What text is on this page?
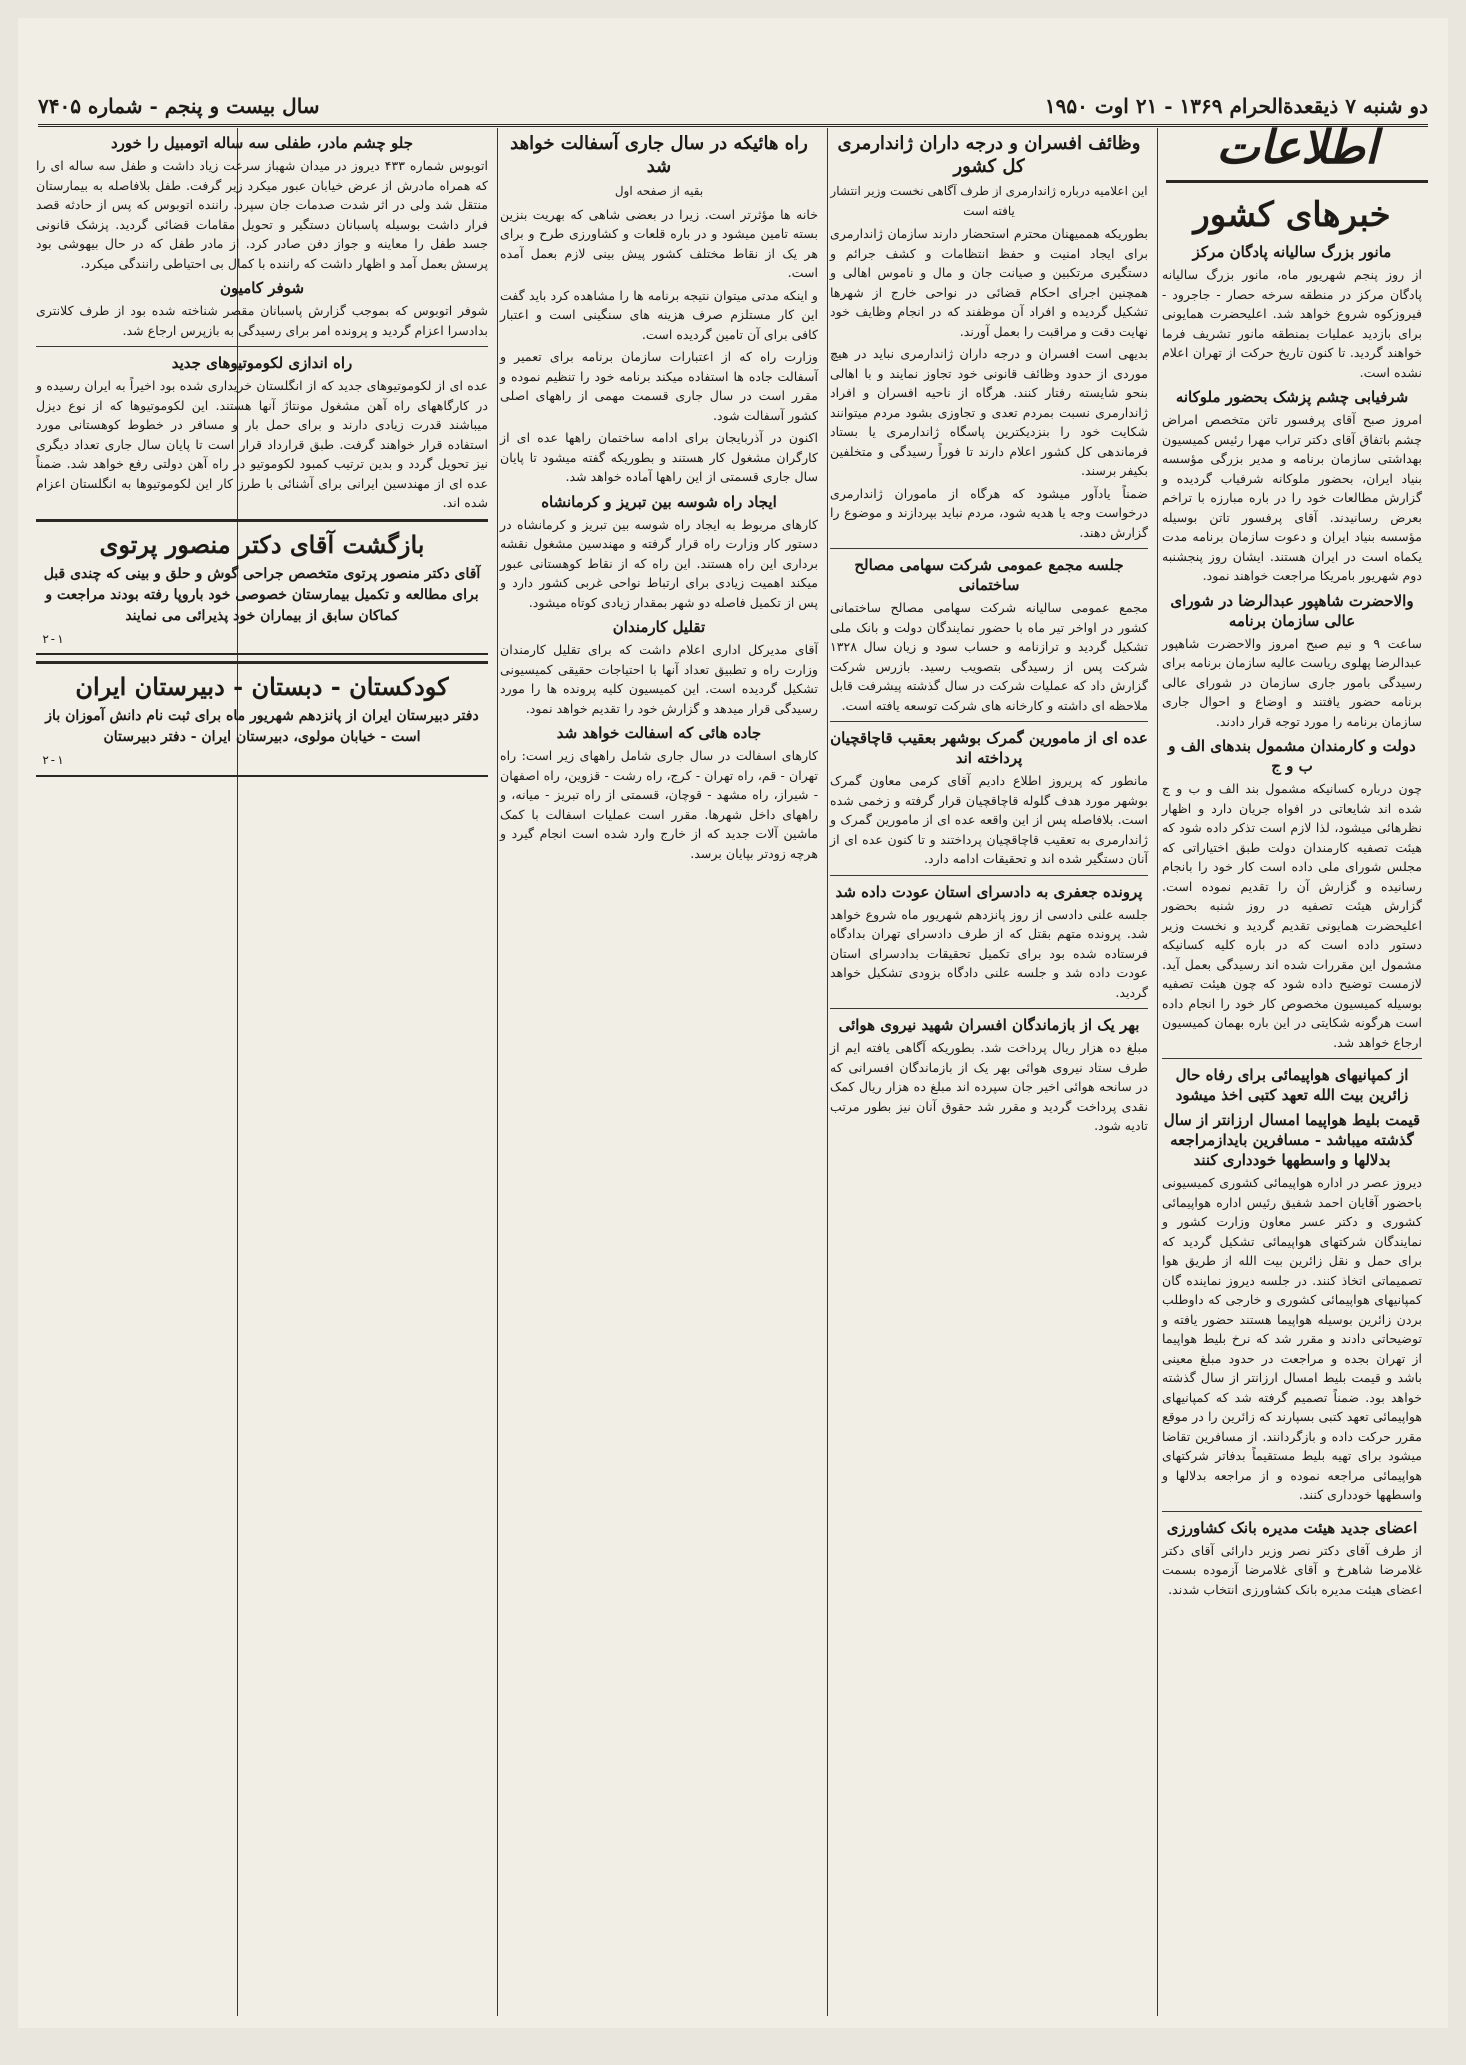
دو شنبه ۷ ذیقعدةالحرام ۱۳۶۹ - ۲۱ اوت ۱۹۵۰
سال بیست و پنجم - شماره ۷۴۰۵
اطلاعات
خبرهای کشور
مانور بزرگ سالیانه پادگان مرکز

از روز پنجم شهریور ماه، مانور بزرگ سالیانه پادگان مرکز در منطقه سرخه حصار - جاجرود - فیروزکوه شروع خواهد شد. اعلیحضرت همایونی برای بازدید عملیات بمنطقه مانور تشریف فرما خواهند گردید. تا کنون تاریخ حرکت از تهران اعلام نشده است.

شرفیابی چشم پزشک بحضور ملوکانه

امروز صبح آقای پرفسور تاتن متخصص امراض چشم باتفاق آقای دکتر تراب مهرا رئیس کمیسیون بهداشتی سازمان برنامه و مدیر بزرگی مؤسسه بنیاد ایران، بحضور ملوکانه شرفیاب گردیده و گزارش مطالعات خود را در باره مبارزه با تراخم بعرض رسانیدند. آقای پرفسور تاتن بوسیله مؤسسه بنیاد ایران و دعوت سازمان برنامه مدت یکماه است در ایران هستند. ایشان روز پنجشنبه دوم شهریور بامریکا مراجعت خواهند نمود.

والاحضرت شاهپور عبدالرضا در شورای عالی سازمان برنامه

ساعت ۹ و نیم صبح امروز والاحضرت شاهپور عبدالرضا پهلوی ریاست عالیه سازمان برنامه برای رسیدگی بامور جاری سازمان در شورای عالی برنامه حضور یافتند و اوضاع و احوال جاری سازمان برنامه را مورد توجه قرار دادند.

دولت و کارمندان مشمول بندهای الف و ب و ج

چون درباره کسانیکه مشمول بند الف و ب و ج شده اند شایعاتی در افواه جریان دارد و اظهار نظرهائی میشود، لذا لازم است تذکر داده شود که هیئت تصفیه کارمندان دولت طبق اختیاراتی که مجلس شورای ملی داده است کار خود را بانجام رسانیده و گزارش آن را تقدیم نموده است. گزارش هیئت تصفیه در روز شنبه بحضور اعلیحضرت همایونی تقدیم گردید و نخست وزیر دستور داده است که در باره کلیه کسانیکه مشمول این مقررات شده اند رسیدگی بعمل آید. لازمست توضیح داده شود که چون هیئت تصفیه بوسیله کمیسیون مخصوص کار خود را انجام داده است هرگونه شکایتی در این باره بهمان کمیسیون ارجاع خواهد شد.

از کمپانیهای هواپیمائی برای رفاه حال زائرین بیت الله تعهد کتبی اخذ میشود
قیمت بلیط هواپیما امسال ارزانتر از سال گذشته میباشد - مسافرین بایدازمراجعه بدلالها و واسطهها خودداری کنند

دیروز عصر در اداره هواپیمائی کشوری کمیسیونی باحضور آقایان احمد شفیق رئیس اداره هواپیمائی کشوری و دکتر عسر معاون وزارت کشور و نمایندگان شرکتهای هواپیمائی تشکیل گردید که برای حمل و نقل زائرین بیت الله از طریق هوا تصمیماتی اتخاذ کنند. در جلسه دیروز نماینده گان کمپانیهای هواپیمائی کشوری و خارجی که داوطلب بردن زائرین بوسیله هواپیما هستند حضور یافته و توضیحاتی دادند و مقرر شد که نرخ بلیط هواپیما از تهران بجده و مراجعت در حدود مبلغ معینی باشد و قیمت بلیط امسال ارزانتر از سال گذشته خواهد بود. ضمناً تصمیم گرفته شد که کمپانیهای هواپیمائی تعهد کتبی بسپارند که زائرین را در موقع مقرر حرکت داده و بازگردانند. از مسافرین تقاضا میشود برای تهیه بلیط مستقیماً بدفاتر شرکتهای هواپیمائی مراجعه نموده و از مراجعه بدلالها و واسطهها خودداری کنند.

اعضای جدید هیئت مدیره بانک کشاورزی

از طرف آقای دکتر نصر وزیر دارائی آقای دکتر غلامرضا شاهرخ و آقای غلامرضا آزموده بسمت اعضای هیئت مدیره بانک کشاورزی انتخاب شدند.

وظائف افسران و درجه داران ژاندارمری کل کشور

این اعلامیه درباره ژاندارمری از طرف آگاهی نخست وزیر انتشار یافته است

بطوریکه هممیهنان محترم استحضار دارند سازمان ژاندارمری برای ایجاد امنیت و حفظ انتظامات و کشف جرائم و دستگیری مرتکبین و صیانت جان و مال و ناموس اهالی و همچنین اجرای احکام قضائی در نواحی خارج از شهرها تشکیل گردیده و افراد آن موظفند که در انجام وظایف خود نهایت دقت و مراقبت را بعمل آورند.

بدیهی است افسران و درجه داران ژاندارمری نباید در هیچ موردی از حدود وظائف قانونی خود تجاوز نمایند و با اهالی بنحو شایسته رفتار کنند. هرگاه از ناحیه افسران و افراد ژاندارمری نسبت بمردم تعدی و تجاوزی بشود مردم میتوانند شکایت خود را بنزدیکترین پاسگاه ژاندارمری یا بستاد فرماندهی کل کشور اعلام دارند تا فوراً رسیدگی و متخلفین بکیفر برسند.

ضمناً یادآور میشود که هرگاه از ماموران ژاندارمری درخواست وجه یا هدیه شود، مردم نباید بپردازند و موضوع را گزارش دهند.

جلسه مجمع عمومی شرکت سهامی مصالح ساختمانی

مجمع عمومی سالیانه شرکت سهامی مصالح ساختمانی کشور در اواخر تیر ماه با حضور نمایندگان دولت و بانک ملی تشکیل گردید و ترازنامه و حساب سود و زیان سال ۱۳۲۸ شرکت پس از رسیدگی بتصویب رسید. بازرس شرکت گزارش داد که عملیات شرکت در سال گذشته پیشرفت قابل ملاحظه ای داشته و کارخانه های شرکت توسعه یافته است.

عده ای از مامورین گمرک بوشهر بعقیب قاچاقچیان پرداخته اند

مانطور که پریروز اطلاع دادیم آقای کرمی معاون گمرک بوشهر مورد هدف گلوله قاچاقچیان قرار گرفته و زخمی شده است. بلافاصله پس از این واقعه عده ای از مامورین گمرک و ژاندارمری به تعقیب قاچاقچیان پرداختند و تا کنون عده ای از آنان دستگیر شده اند و تحقیقات ادامه دارد.

پرونده جعفری به دادسرای استان عودت داده شد

جلسه علنی دادسی از روز پانزدهم شهریور ماه شروع خواهد شد. پرونده متهم بقتل که از طرف دادسرای تهران بدادگاه فرستاده شده بود برای تکمیل تحقیقات بدادسرای استان عودت داده شد و جلسه علنی دادگاه بزودی تشکیل خواهد گردید.

بهر یک از بازماندگان افسران شهید نیروی هوائی

مبلغ ده هزار ریال پرداخت شد. بطوریکه آگاهی یافته ایم از طرف ستاد نیروی هوائی بهر یک از بازماندگان افسرانی که در سانحه هوائی اخیر جان سپرده اند مبلغ ده هزار ریال کمک نقدی پرداخت گردید و مقرر شد حقوق آنان نیز بطور مرتب تادیه شود.

راه هائیکه در سال جاری آسفالت خواهد شد

بقیه از صفحه اول

خانه ها مؤثرتر است. زیرا در بعضی شاهی که بهریت بنزین بسته تامین میشود و در باره قلعات و کشاورزی طرح و برای هر یک از نقاط مختلف کشور پیش بینی لازم بعمل آمده است.

و اینکه مدتی میتوان نتیجه برنامه ها را مشاهده کرد باید گفت این کار مستلزم صرف هزینه های سنگینی است و اعتبار کافی برای آن تامین گردیده است.

وزارت راه که از اعتبارات سازمان برنامه برای تعمیر و آسفالت جاده ها استفاده میکند برنامه خود را تنظیم نموده و مقرر است در سال جاری قسمت مهمی از راههای اصلی کشور آسفالت شود.

اکنون در آذربایجان برای ادامه ساختمان راهها عده ای از کارگران مشغول کار هستند و بطوریکه گفته میشود تا پایان سال جاری قسمتی از این راهها آماده خواهد شد.

ایجاد راه شوسه بین تبریز و کرمانشاه

کارهای مربوط به ایجاد راه شوسه بین تبریز و کرمانشاه در دستور کار وزارت راه قرار گرفته و مهندسین مشغول نقشه برداری این راه هستند. این راه که از نقاط کوهستانی عبور میکند اهمیت زیادی برای ارتباط نواحی غربی کشور دارد و پس از تکمیل فاصله دو شهر بمقدار زیادی کوتاه میشود.

تقلیل کارمندان

آقای مدیرکل اداری اعلام داشت که برای تقلیل کارمندان وزارت راه و تطبیق تعداد آنها با احتیاجات حقیقی کمیسیونی تشکیل گردیده است. این کمیسیون کلیه پرونده ها را مورد رسیدگی قرار میدهد و گزارش خود را تقدیم خواهد نمود.

جاده هائی که اسفالت خواهد شد

کارهای اسفالت در سال جاری شامل راههای زیر است: راه تهران - قم، راه تهران - کرج، راه رشت - قزوین، راه اصفهان - شیراز، راه مشهد - قوچان، قسمتی از راه تبریز - میانه، و راههای داخل شهرها. مقرر است عملیات اسفالت با کمک ماشین آلات جدید که از خارج وارد شده است انجام گیرد و هرچه زودتر بپایان برسد.

جلو چشم مادر، طفلی سه ساله اتومبیل را خورد

اتوبوس شماره ۴۳۳ دیروز در میدان شهباز سرعت زیاد داشت و طفل سه ساله ای را که همراه مادرش از عرض خیابان عبور میکرد زیر گرفت. طفل بلافاصله به بیمارستان منتقل شد ولی در اثر شدت صدمات جان سپرد. راننده اتوبوس که پس از حادثه قصد فرار داشت بوسیله پاسبانان دستگیر و تحویل مقامات قضائی گردید. پزشک قانونی جسد طفل را معاینه و جواز دفن صادر کرد. از مادر طفل که در حال بیهوشی بود پرسش بعمل آمد و اظهار داشت که راننده با کمال بی احتیاطی رانندگی میکرد.

شوفر کامیون

شوفر اتوبوس که بموجب گزارش پاسبانان مقصر شناخته شده بود از طرف کلانتری بدادسرا اعزام گردید و پرونده امر برای رسیدگی به بازپرس ارجاع شد.

راه اندازی لکوموتیوهای جدید

عده ای از لکوموتیوهای جدید که از انگلستان خریداری شده بود اخیراً به ایران رسیده و در کارگاههای راه آهن مشغول مونتاژ آنها هستند. این لکوموتیوها که از نوع دیزل میباشند قدرت زیادی دارند و برای حمل بار و مسافر در خطوط کوهستانی مورد استفاده قرار خواهند گرفت. طبق قرارداد قرار است تا پایان سال جاری تعداد دیگری نیز تحویل گردد و بدین ترتیب کمبود لکوموتیو در راه آهن دولتی رفع خواهد شد. ضمناً عده ای از مهندسین ایرانی برای آشنائی با طرز کار این لکوموتیوها به انگلستان اعزام شده اند.

بازگشت آقای دکتر منصور پرتوی

آقای دکتر منصور پرتوی متخصص جراحی گوش و حلق و بینی که چندی قبل برای مطالعه و تکمیل بیمارستان خصوصی خود باروپا رفته بودند مراجعت و کماکان سابق از بیماران خود پذیرائی می نمایند

۲-۱
کودکستان - دبستان - دبیرستان ایران

دفتر دبیرستان ایران از پانزدهم شهریور ماه برای ثبت نام دانش آموزان باز است - خیابان مولوی، دبیرستان ایران - دفتر دبیرستان

۲-۱
